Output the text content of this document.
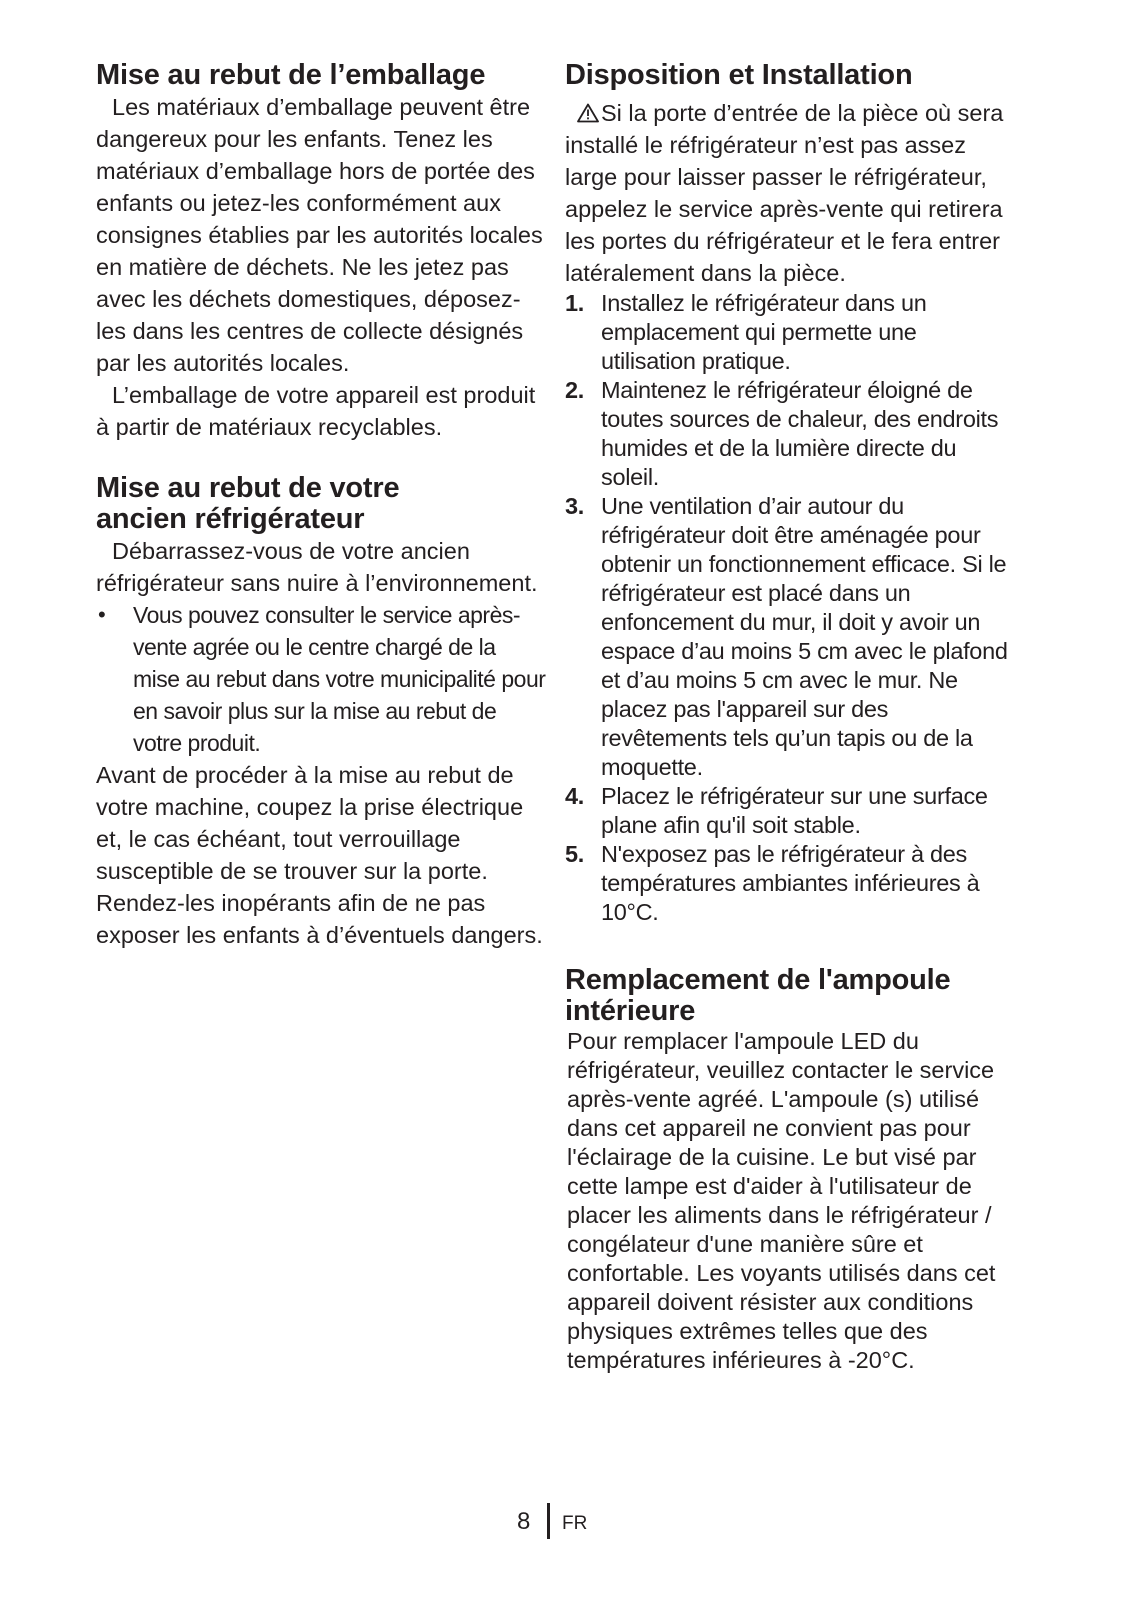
Mise au rebut de l’emballage

Les matériaux d’emballage peuvent être dangereux pour les enfants. Tenez les matériaux d’emballage hors de portée des enfants ou jetez-les conformément aux consignes établies par les autorités locales en matière de déchets. Ne les jetez pas avec les déchets domestiques, déposez-les dans les centres de collecte désignés par les autorités locales.

L’emballage de votre appareil est produit à partir de matériaux recyclables.

Mise au rebut de votre
ancien réfrigérateur

Débarrassez-vous de votre ancien réfrigérateur sans nuire à l’environnement.

• Vous pouvez consulter le service après-vente agrée ou le centre chargé de la mise au rebut dans votre municipalité pour en savoir plus sur la mise au rebut de votre produit.

Avant de procéder à la mise au rebut de votre machine, coupez la prise électrique et, le cas échéant, tout verrouillage susceptible de se trouver sur la porte. Rendez-les inopérants afin de ne pas exposer les enfants à d’éventuels dangers.

Disposition et Installation

Si la porte d’entrée de la pièce où sera installé le réfrigérateur n’est pas assez large pour laisser passer le réfrigérateur, appelez le service après-vente qui retirera les portes du réfrigérateur et le fera entrer latéralement dans la pièce.

1. Installez le réfrigérateur dans un emplacement qui permette une utilisation pratique.
2. Maintenez le réfrigérateur éloigné de toutes sources de chaleur, des endroits humides et de la lumière directe du soleil.
3. Une ventilation d’air autour du réfrigérateur doit être aménagée pour obtenir un fonctionnement efficace. Si le réfrigérateur est placé dans un enfoncement du mur, il doit y avoir un espace d’au moins 5 cm avec le plafond et d’au moins 5 cm avec le mur. Ne placez pas l'appareil sur des revêtements tels qu’un tapis ou de la moquette.
4. Placez le réfrigérateur sur une surface plane afin qu'il soit stable.
5. N'exposez pas le réfrigérateur à des températures ambiantes inférieures à 10°C.
Remplacement de l'ampoule
intérieure

Pour remplacer l'ampoule LED du réfrigérateur, veuillez contacter le service après-vente agréé. L'ampoule (s) utilisé dans cet appareil ne convient pas pour l'éclairage de la cuisine. Le but visé par cette lampe est d'aider à l'utilisateur de placer les aliments dans le réfrigérateur / congélateur d'une manière sûre et confortable. Les voyants utilisés dans cet appareil doivent résister aux conditions physiques extrêmes telles que des températures inférieures à -20°C.

8 FR
